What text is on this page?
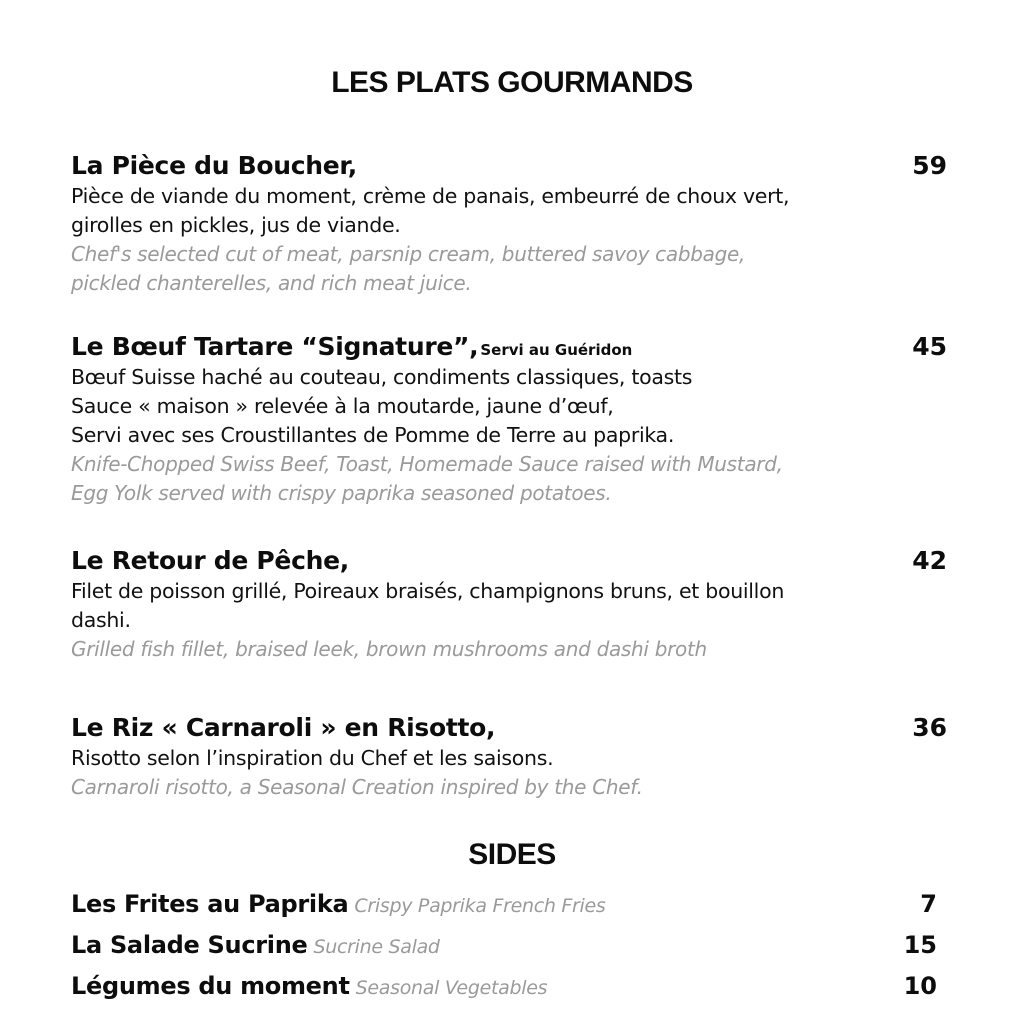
LES PLATS GOURMANDS
La Pièce du Boucher,	59
Pièce de viande du moment, crème de panais, embeurré de choux vert,
girolles en pickles, jus de viande.
Chef's selected cut of meat, parsnip cream, buttered savoy cabbage,
pickled chanterelles, and rich meat juice.
Le Bœuf Tartare “Signature”, Servi au Guéridon	45
Bœuf Suisse haché au couteau, condiments classiques, toasts
Sauce « maison » relevée à la moutarde, jaune d’œuf,
Servi avec ses Croustillantes de Pomme de Terre au paprika.
Knife-Chopped Swiss Beef, Toast, Homemade Sauce raised with Mustard,
Egg Yolk served with crispy paprika seasoned potatoes.
Le Retour de Pêche,	42
Filet de poisson grillé, Poireaux braisés, champignons bruns, et bouillon
dashi.
Grilled fish fillet, braised leek, brown mushrooms and dashi broth
Le Riz « Carnaroli » en Risotto,	36
Risotto selon l’inspiration du Chef et les saisons.
Carnaroli risotto, a Seasonal Creation inspired by the Chef.
SIDES
Les Frites au Paprika Crispy Paprika French Fries	7
La Salade Sucrine Sucrine Salad	15
Légumes du moment Seasonal Vegetables	10
